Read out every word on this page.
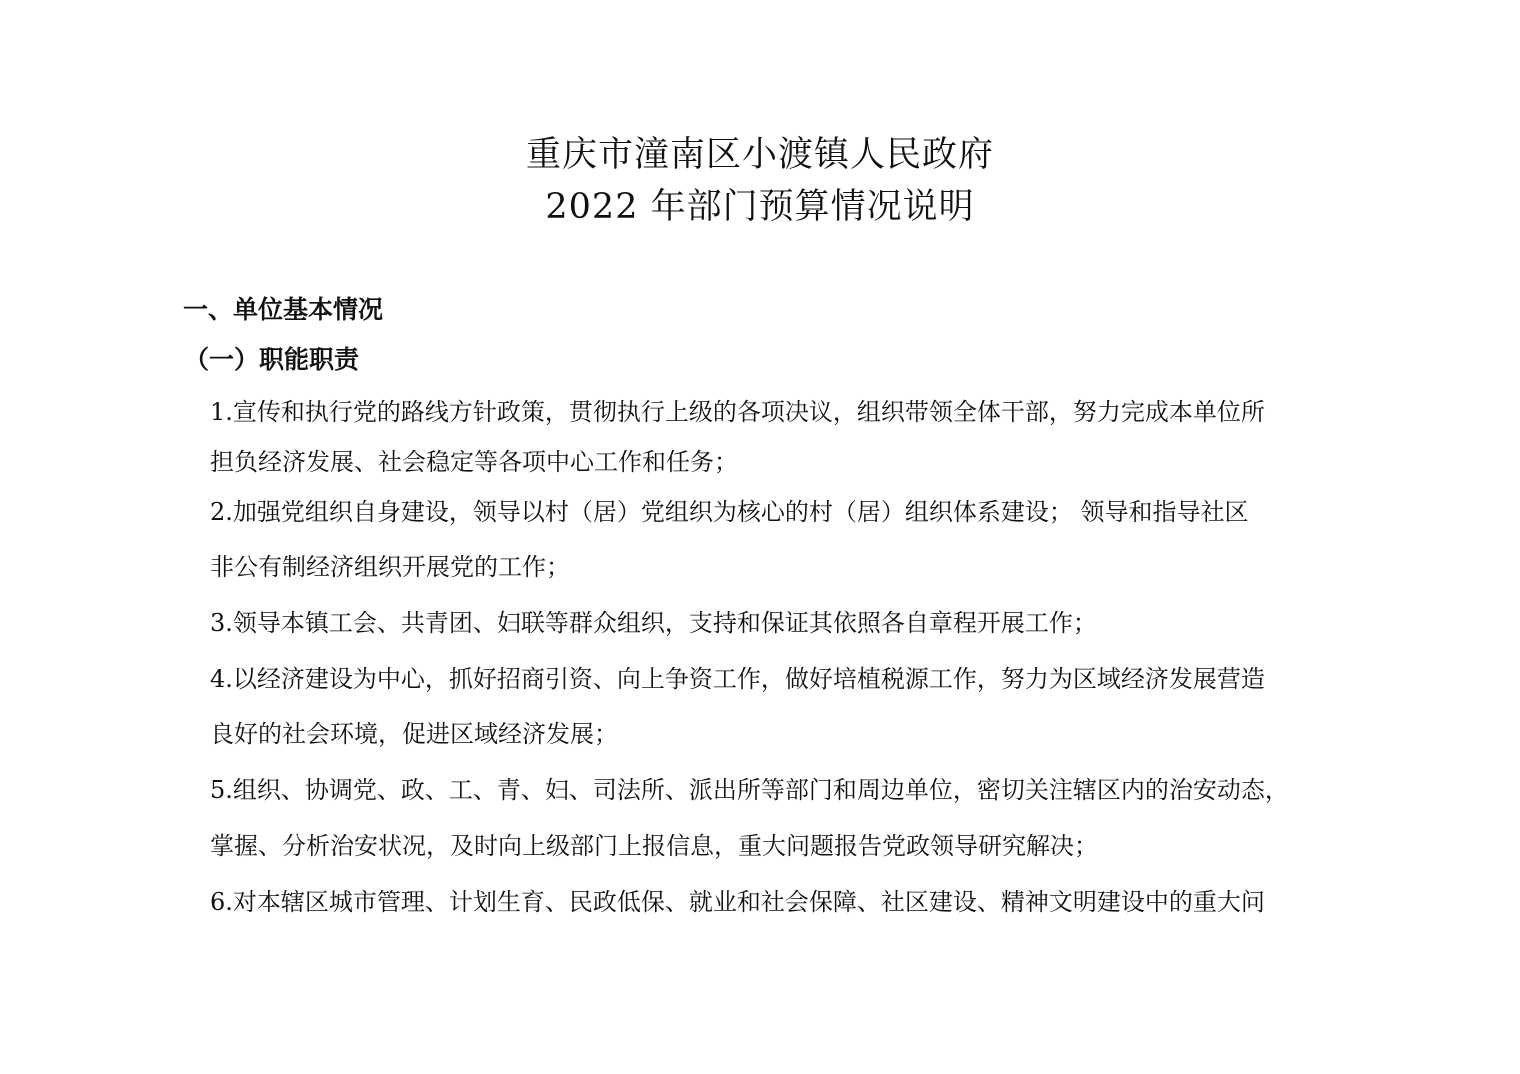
重庆市潼南区小渡镇人民政府
2022 年部门预算情况说明
一、单位基本情况
（一）职能职责
1.宣传和执行党的路线方针政策，贯彻执行上级的各项决议，组织带领全体干部，努力完成本单位所
担负经济发展、社会稳定等各项中心工作和任务；
2.加强党组织自身建设，领导以村（居）党组织为核心的村（居）组织体系建设； 领导和指导社区
非公有制经济组织开展党的工作；
3.领导本镇工会、共青团、妇联等群众组织，支持和保证其依照各自章程开展工作；
4.以经济建设为中心，抓好招商引资、向上争资工作，做好培植税源工作，努力为区域经济发展营造
良好的社会环境，促进区域经济发展；
5.组织、协调党、政、工、青、妇、司法所、派出所等部门和周边单位，密切关注辖区内的治安动态，
掌握、分析治安状况，及时向上级部门上报信息，重大问题报告党政领导研究解决；
6.对本辖区城市管理、计划生育、民政低保、就业和社会保障、社区建设、精神文明建设中的重大问
